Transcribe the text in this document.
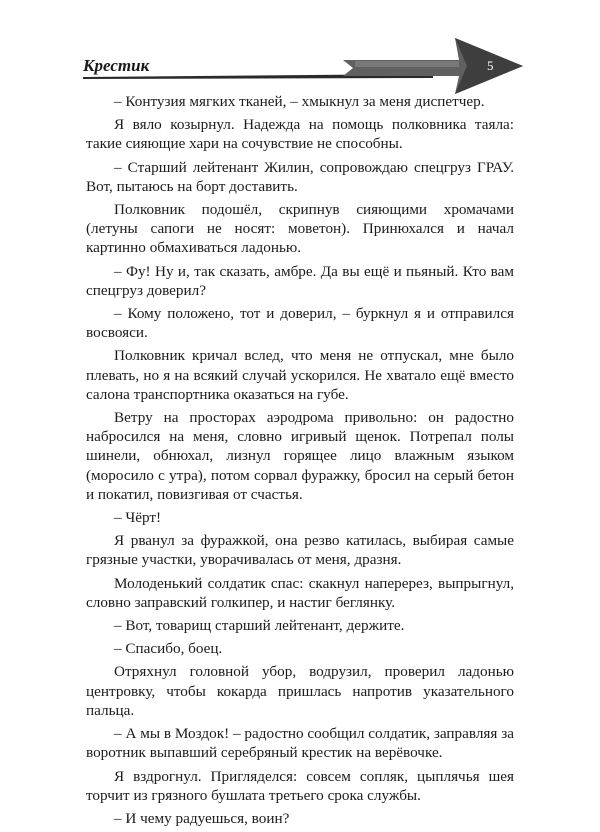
Крестик	5

– Контузия мягких тканей, – хмыкнул за меня диспетчер.

Я вяло козырнул. Надежда на помощь полковника таяла: такие сияющие хари на сочувствие не способны.

– Старший лейтенант Жилин, сопровождаю спецгруз ГРАУ. Вот, пытаюсь на борт доставить.

Полковник подошёл, скрипнув сияющими хромачами (летуны сапоги не носят: моветон). Принюхался и начал картинно обмахиваться ладонью.

– Фу! Ну и, так сказать, амбре. Да вы ещё и пьяный. Кто вам спецгруз доверил?

– Кому положено, тот и доверил, – буркнул я и отправился восвояси.

Полковник кричал вслед, что меня не отпускал, мне было плевать, но я на всякий случай ускорился. Не хватало ещё вместо салона транспортника оказаться на губе.

Ветру на просторах аэродрома привольно: он радостно набросился на меня, словно игривый щенок. Потрепал полы шинели, обнюхал, лизнул горящее лицо влажным языком (моросило с утра), потом сорвал фуражку, бросил на серый бетон и покатил, повизгивая от счастья.

– Чёрт!

Я рванул за фуражкой, она резво катилась, выбирая самые грязные участки, уворачивалась от меня, дразня.

Молоденький солдатик спас: скакнул наперерез, выпрыгнул, словно заправский голкипер, и настиг беглянку.

– Вот, товарищ старший лейтенант, держите.

– Спасибо, боец.

Отряхнул головной убор, водрузил, проверил ладонью центровку, чтобы кокарда пришлась напротив указательного пальца.

– А мы в Моздок! – радостно сообщил солдатик, заправляя за воротник выпавший серебряный крестик на верёвочке.

Я вздрогнул. Пригляделся: совсем сопляк, цыплячья шея торчит из грязного бушлата третьего срока службы.

– И чему радуешься, воин?
